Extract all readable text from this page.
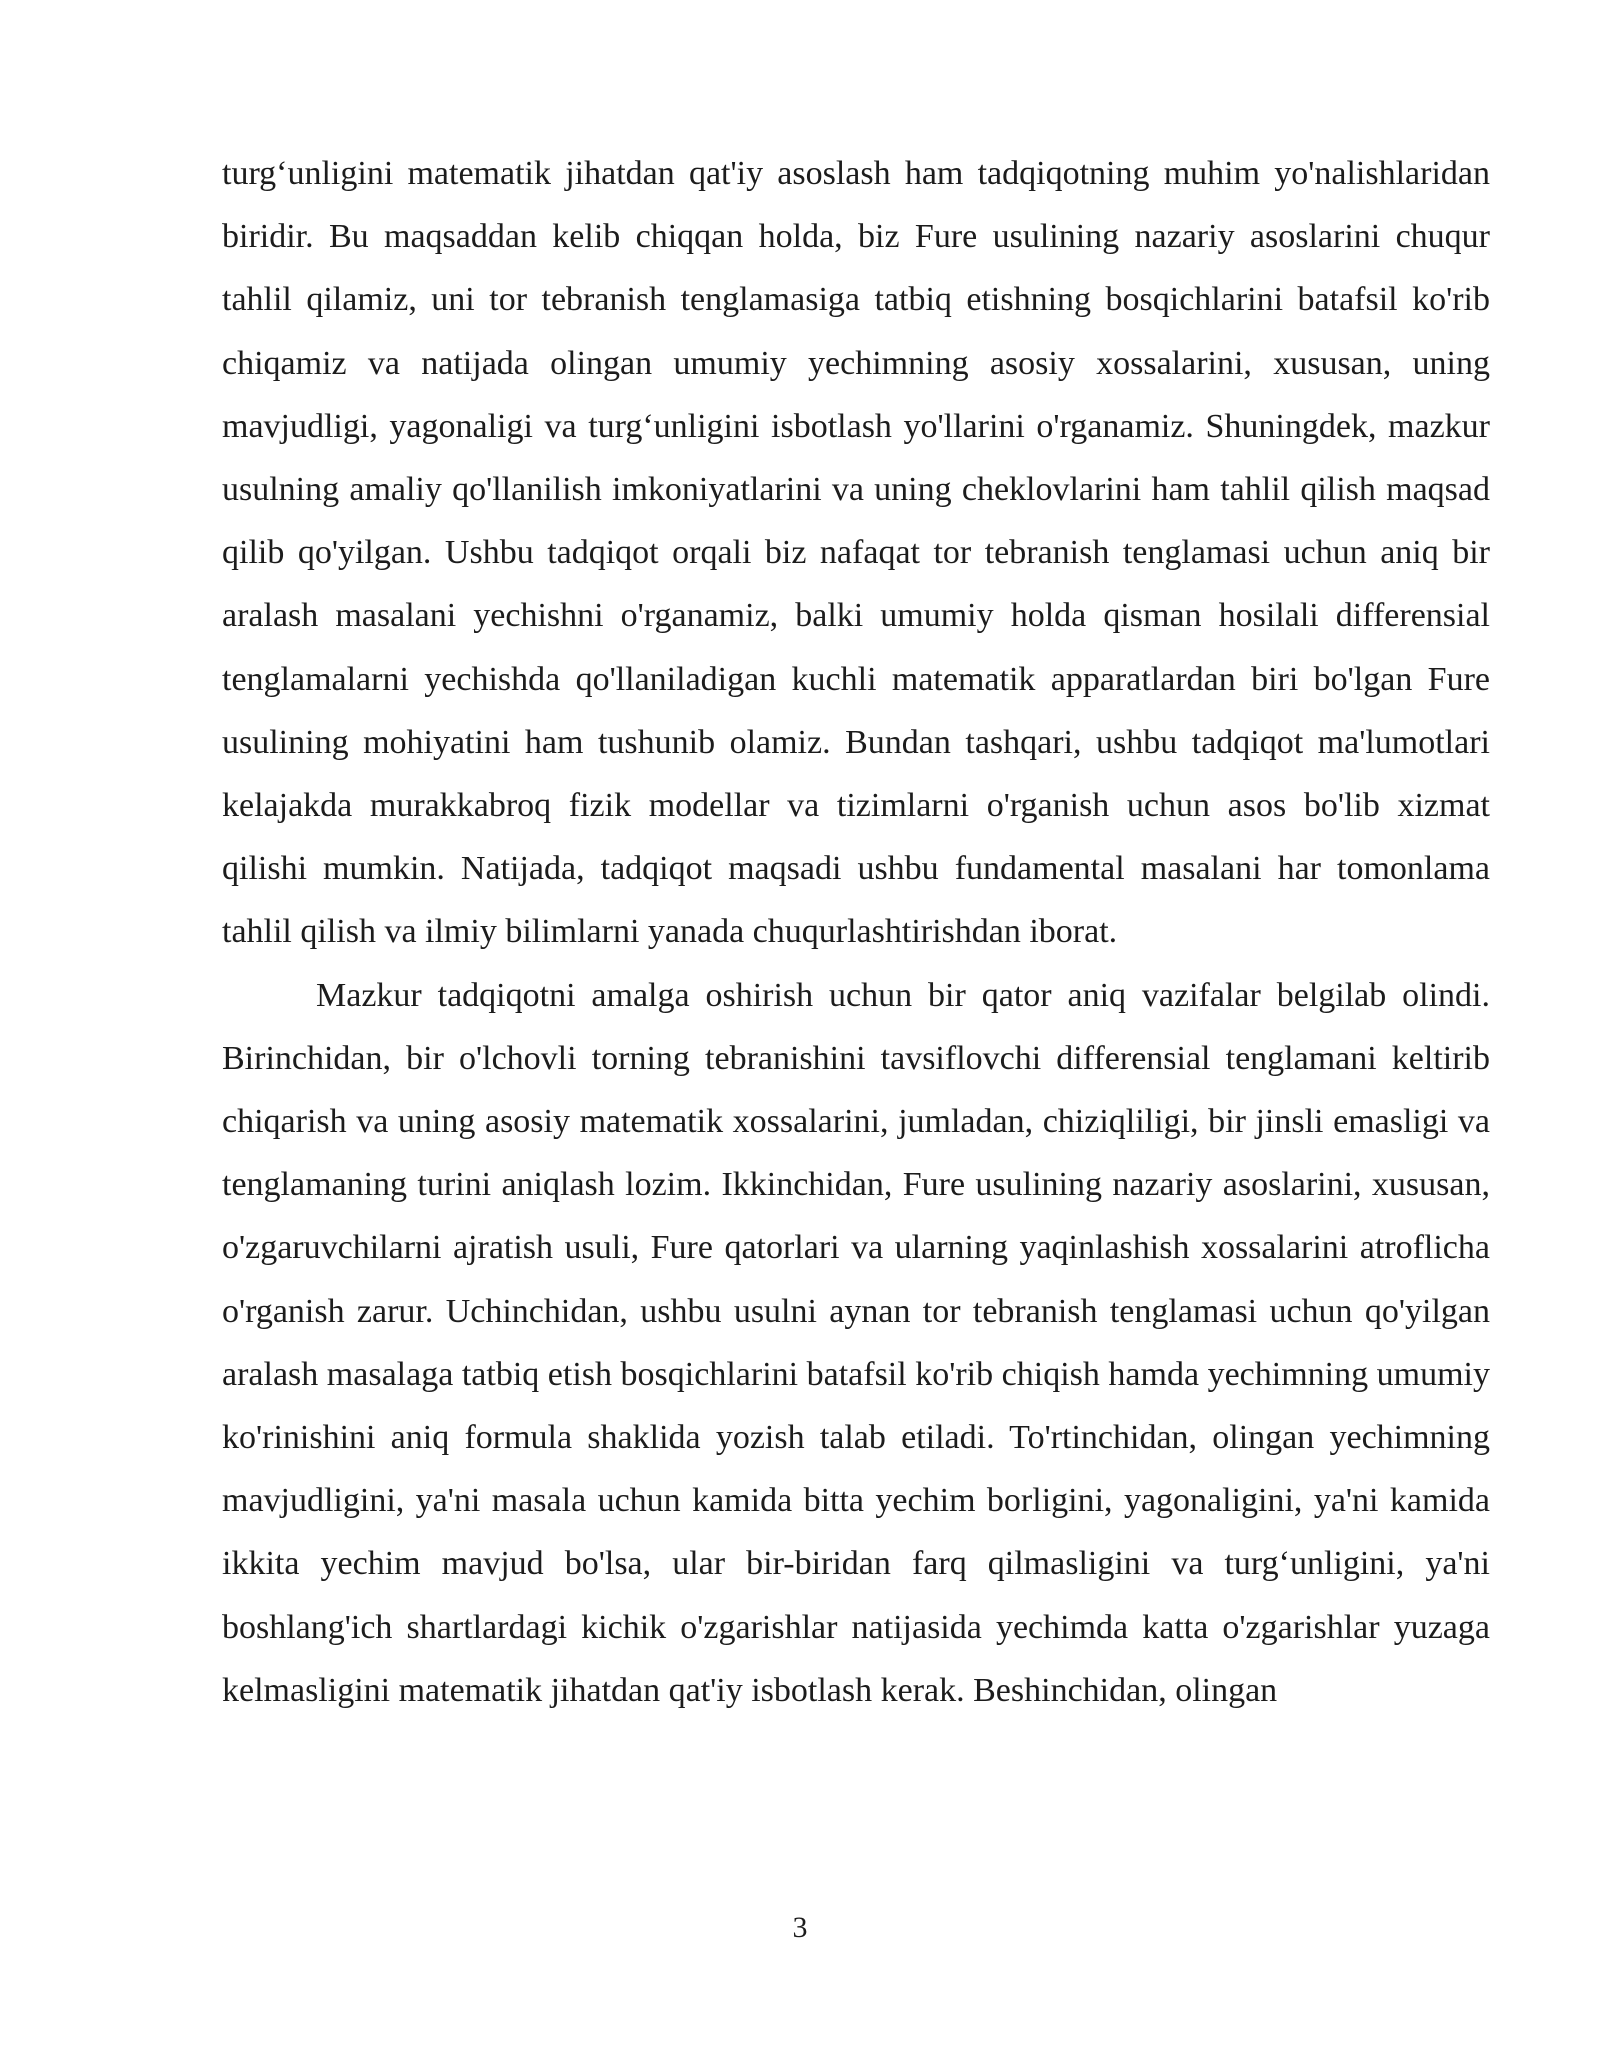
turg‘unligini matematik jihatdan qat'iy asoslash ham tadqiqotning muhim yo'nalishlaridan biridir. Bu maqsaddan kelib chiqqan holda, biz Fure usulining nazariy asoslarini chuqur tahlil qilamiz, uni tor tebranish tenglamasiga tatbiq etishning bosqichlarini batafsil ko'rib chiqamiz va natijada olingan umumiy yechimning asosiy xossalarini, xususan, uning mavjudligi, yagonaligi va turg‘unligini isbotlash yo'llarini o'rganamiz. Shuningdek, mazkur usulning amaliy qo'llanilish imkoniyatlarini va uning cheklovlarini ham tahlil qilish maqsad qilib qo'yilgan. Ushbu tadqiqot orqali biz nafaqat tor tebranish tenglamasi uchun aniq bir aralash masalani yechishni o'rganamiz, balki umumiy holda qisman hosilali differensial tenglamalarni yechishda qo'llaniladigan kuchli matematik apparatlardan biri bo'lgan Fure usulining mohiyatini ham tushunib olamiz. Bundan tashqari, ushbu tadqiqot ma'lumotlari kelajakda murakkabroq fizik modellar va tizimlarni o'rganish uchun asos bo'lib xizmat qilishi mumkin. Natijada, tadqiqot maqsadi ushbu fundamental masalani har tomonlama tahlil qilish va ilmiy bilimlarni yanada chuqurlashtirishdan iborat.

Mazkur tadqiqotni amalga oshirish uchun bir qator aniq vazifalar belgilab olindi. Birinchidan, bir o'lchovli torning tebranishini tavsiflovchi differensial tenglamani keltirib chiqarish va uning asosiy matematik xossalarini, jumladan, chiziqliligi, bir jinsli emasligi va tenglamaning turini aniqlash lozim. Ikkinchidan, Fure usulining nazariy asoslarini, xususan, o'zgaruvchilarni ajratish usuli, Fure qatorlari va ularning yaqinlashish xossalarini atroflicha o'rganish zarur. Uchinchidan, ushbu usulni aynan tor tebranish tenglamasi uchun qo'yilgan aralash masalaga tatbiq etish bosqichlarini batafsil ko'rib chiqish hamda yechimning umumiy ko'rinishini aniq formula shaklida yozish talab etiladi. To'rtinchidan, olingan yechimning mavjudligini, ya'ni masala uchun kamida bitta yechim borligini, yagonaligini, ya'ni kamida ikkita yechim mavjud bo'lsa, ular bir-biridan farq qilmasligini va turg‘unligini, ya'ni boshlang'ich shartlardagi kichik o'zgarishlar natijasida yechimda katta o'zgarishlar yuzaga kelmasligini matematik jihatdan qat'iy isbotlash kerak. Beshinchidan, olingan

3
